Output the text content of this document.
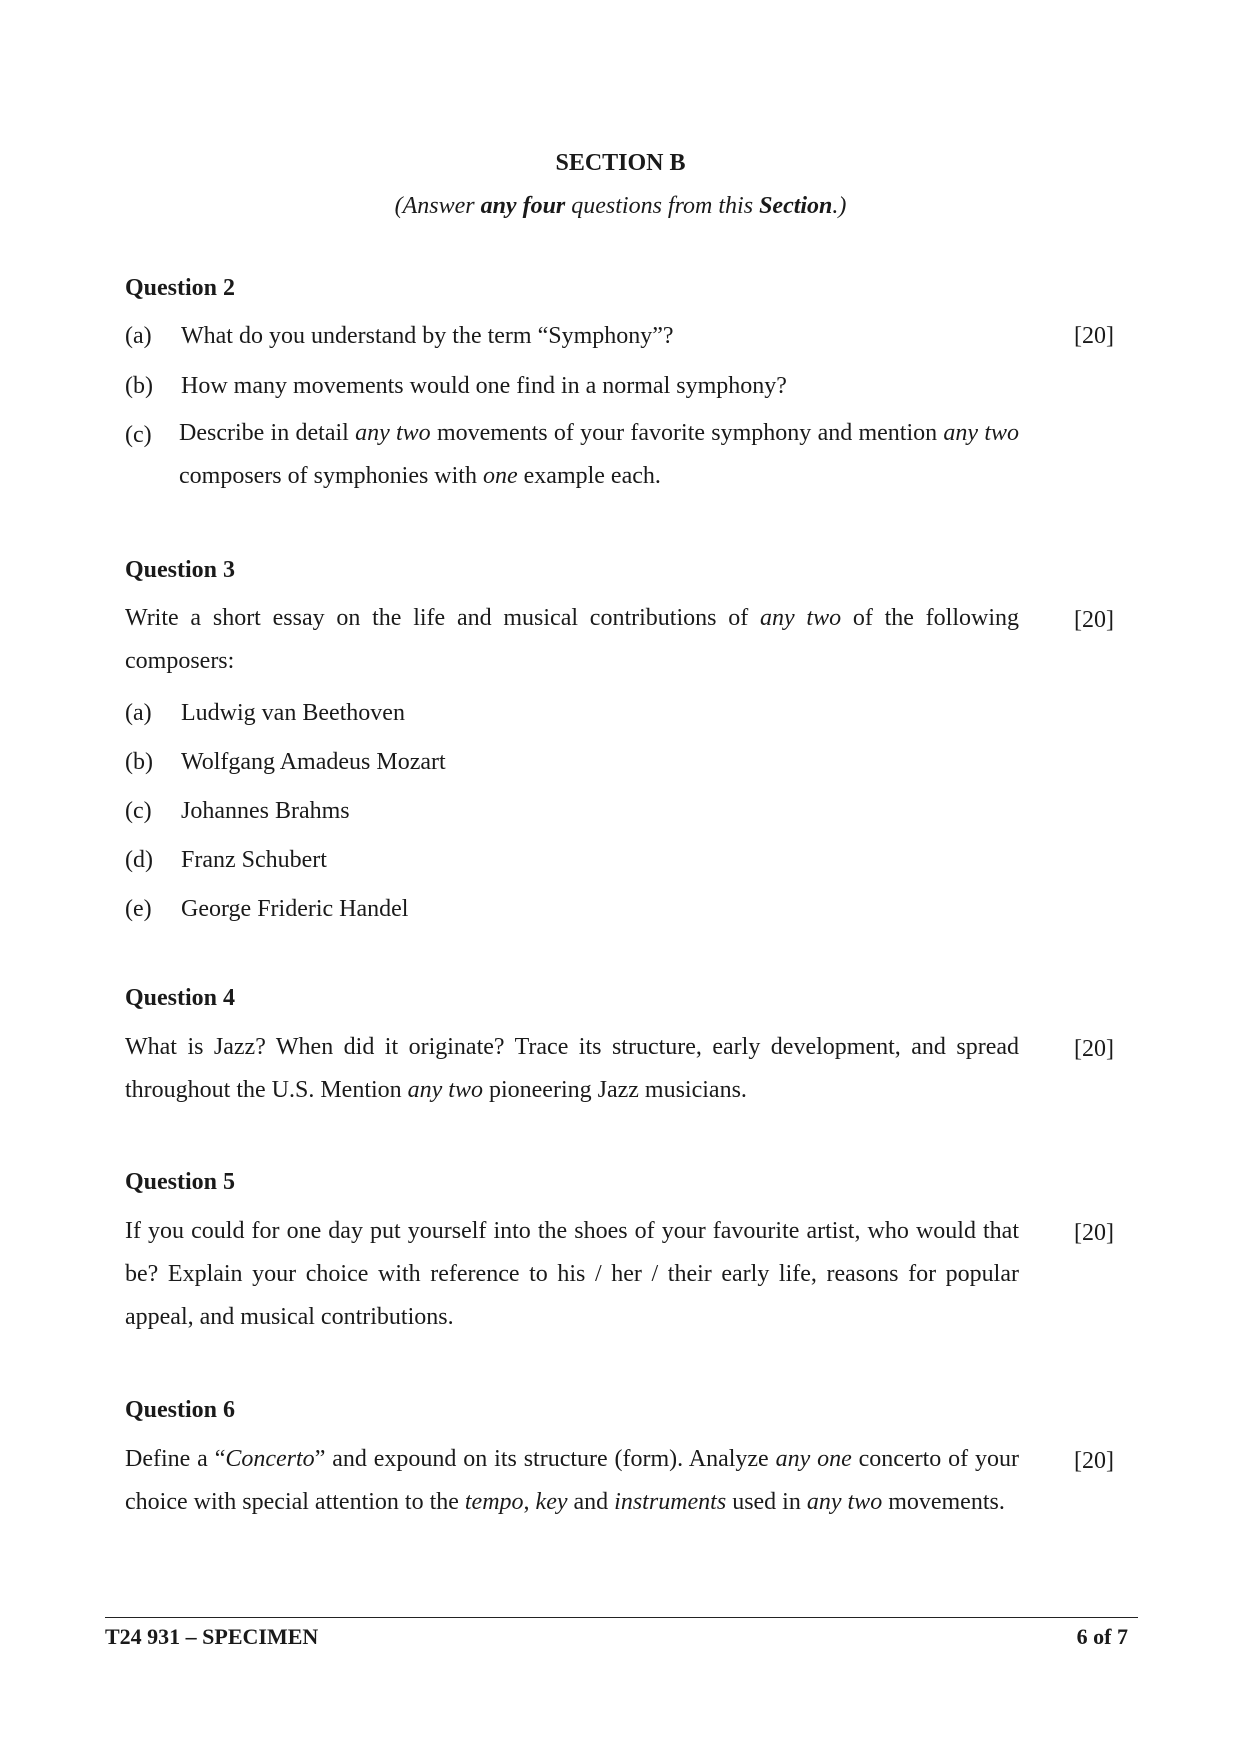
SECTION B
(Answer any four questions from this Section.)
Question 2
(a) What do you understand by the term “Symphony”?	[20]
(b) How many movements would one find in a normal symphony?
(c) Describe in detail any two movements of your favorite symphony and mention any two composers of symphonies with one example each.
Question 3
Write a short essay on the life and musical contributions of any two of the following composers:
[20]
(a) Ludwig van Beethoven
(b) Wolfgang Amadeus Mozart
(c) Johannes Brahms
(d) Franz Schubert
(e) George Frideric Handel
Question 4
What is Jazz? When did it originate? Trace its structure, early development, and spread throughout the U.S. Mention any two pioneering Jazz musicians.
[20]
Question 5
If you could for one day put yourself into the shoes of your favourite artist, who would that be? Explain your choice with reference to his / her / their early life, reasons for popular appeal, and musical contributions.
[20]
Question 6
Define a “Concerto” and expound on its structure (form). Analyze any one concerto of your choice with special attention to the tempo, key and instruments used in any two movements.
[20]
T24 931 – SPECIMEN	6 of 7
